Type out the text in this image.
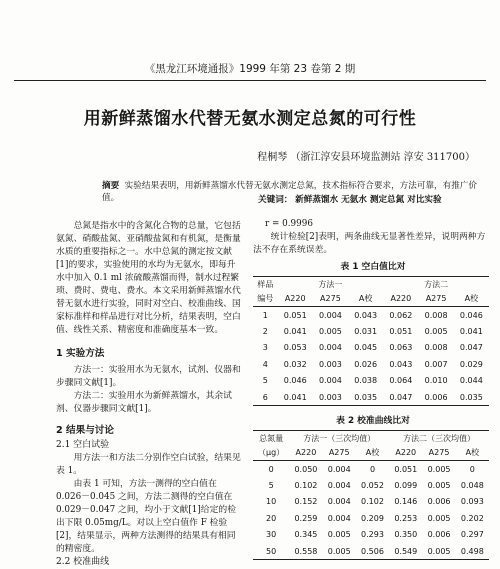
《黑龙江环境通报》1999 年第 23 卷第 2 期
用新鲜蒸馏水代替无氨水测定总氮的可行性
程桐琴 （浙江淳安县环境监测站 淳安 311700）
摘要 实验结果表明，用新鲜蒸馏水代替无氨水测定总氮，技术指标符合要求，方法可靠，有推广价值。	关键词： 新鲜蒸馏水 无氨水 测定总氮 对比实验

总氮是指水中的含氮化合物的总量，它包括氨氮、硝酸盐氮、亚硝酸盐氮和有机氮，是衡量水质的重要指标之一。水中总氮的测定按文献[1]的要求，实验使用的水均为无氨水，即每升水中加入 0.1 ml 浓硫酸蒸馏而得，制水过程繁琐、费时、费电、费水。本文采用新鲜蒸馏水代替无氨水进行实验，同时对空白、校准曲线、国家标准样和样品进行对比分析，结果表明，空白值、线性关系、精密度和准确度基本一致。

1 实验方法

方法一：实验用水为无氨水，试剂、仪器和步骤同文献[1]。

方法二：实验用水为新鲜蒸馏水，其余试剂、仪器步骤同文献[1]。

2 结果与讨论
2.1 空白试验

用方法一和方法二分别作空白试验，结果见表 1。

由表 1 可知，方法一测得的空白值在 0.026－0.045 之间，方法二测得的空白值在 0.029－0.047 之间，均小于文献[1]给定的检出下限 0.05mg/L。对以上空白值作 F 检验[2]，结果显示，两种方法测得的结果具有相同的精密度。

2.2 校准曲线
r = 0.9996

统计检验[2]表明，两条曲线无显著性差异，说明两种方法不存在系统误差。

表 1 空白值比对
样品	方法一			方法二		
编号	A220	A275	A校	A220	A275	A校
1	0.051	0.004	0.043	0.062	0.008	0.046
2	0.041	0.005	0.031	0.051	0.005	0.041
3	0.053	0.004	0.045	0.063	0.008	0.047
4	0.032	0.003	0.026	0.043	0.007	0.029
5	0.046	0.004	0.038	0.064	0.010	0.044
6	0.041	0.003	0.035	0.047	0.006	0.035
表 2 校准曲线比对
总氮量	方法一（三次均值）			方法二（三次均值）		
（μg）	A220	A275	A校	A220	A275	A校
0	0.050	0.004	0	0.051	0.005	0
5	0.102	0.004	0.052	0.099	0.005	0.048
10	0.152	0.004	0.102	0.146	0.006	0.093
20	0.259	0.004	0.209	0.253	0.005	0.202
30	0.345	0.005	0.293	0.350	0.006	0.297
50	0.558	0.005	0.506	0.549	0.005	0.498
